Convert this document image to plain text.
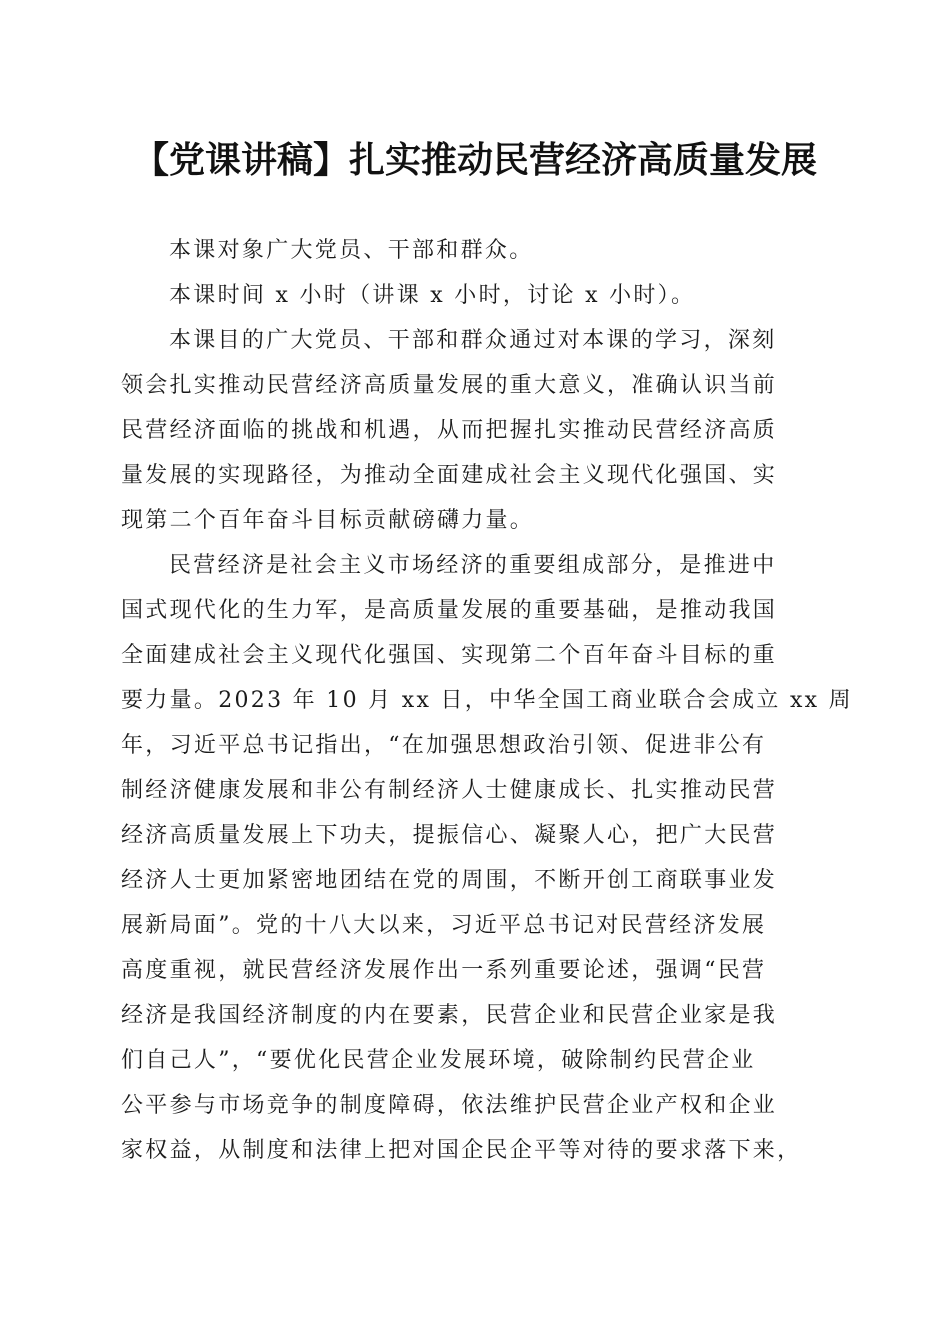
【党课讲稿】扎实推动民营经济高质量发展

本课对象广大党员、干部和群众。

本课时间 x 小时（讲课 x 小时，讨论 x 小时）。

本课目的广大党员、干部和群众通过对本课的学习，深刻
领会扎实推动民营经济高质量发展的重大意义，准确认识当前
民营经济面临的挑战和机遇，从而把握扎实推动民营经济高质
量发展的实现路径，为推动全面建成社会主义现代化强国、实
现第二个百年奋斗目标贡献磅礴力量。

民营经济是社会主义市场经济的重要组成部分，是推进中
国式现代化的生力军，是高质量发展的重要基础，是推动我国
全面建成社会主义现代化强国、实现第二个百年奋斗目标的重
要力量。2023 年 10 月 xx 日，中华全国工商业联合会成立 xx 周
年，习近平总书记指出，“在加强思想政治引领、促进非公有
制经济健康发展和非公有制经济人士健康成长、扎实推动民营
经济高质量发展上下功夫，提振信心、凝聚人心，把广大民营
经济人士更加紧密地团结在党的周围，不断开创工商联事业发
展新局面”。党的十八大以来，习近平总书记对民营经济发展
高度重视，就民营经济发展作出一系列重要论述，强调“民营
经济是我国经济制度的内在要素，民营企业和民营企业家是我
们自己人”，“要优化民营企业发展环境，破除制约民营企业
公平参与市场竞争的制度障碍，依法维护民营企业产权和企业
家权益，从制度和法律上把对国企民企平等对待的要求落下来，
